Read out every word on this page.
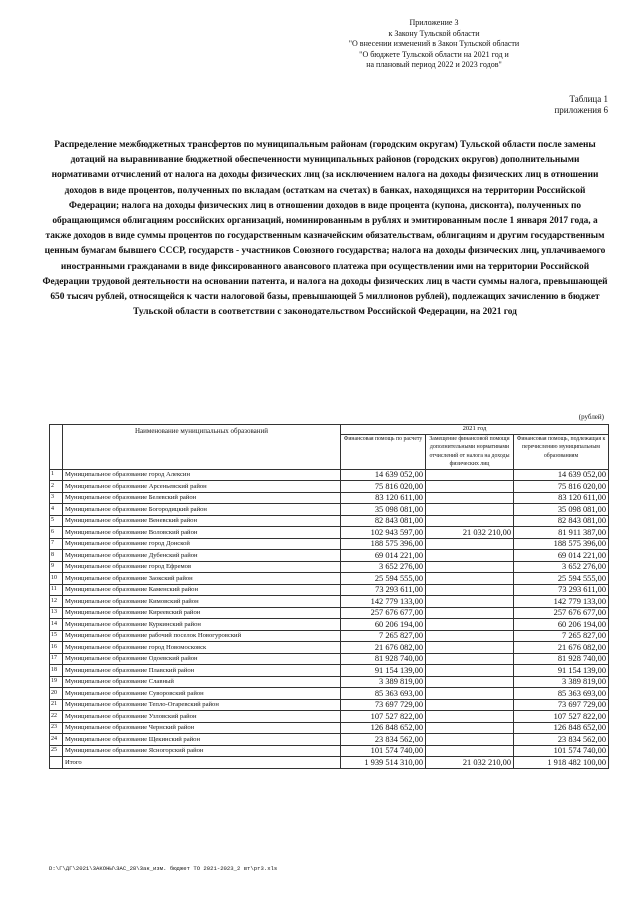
Приложение 3
к Закону Тульской области
"О внесении изменений в Закон Тульской области
"О бюджете Тульской области на 2021 год и
на плановый период 2022 и 2023 годов"
Таблица 1
приложения 6
Распределение межбюджетных трансфертов по муниципальным районам (городским округам) Тульской области после замены дотаций на выравнивание бюджетной обеспеченности муниципальных районов (городских округов) дополнительными нормативами отчислений от налога на доходы физических лиц (за исключением налога на доходы физических лиц в отношении доходов в виде процентов, полученных по вкладам (остаткам на счетах) в банках, находящихся на территории Российской Федерации; налога на доходы физических лиц в отношении доходов в виде процента (купона, дисконта), полученных по обращающимся облигациям российских организаций, номинированным в рублях и эмитированным после 1 января 2017 года, а также доходов в виде суммы процентов по государственным казначейским обязательствам, облигациям и другим государственным ценным бумагам бывшего СССР, государств - участников Союзного государства; налога на доходы физических лиц, уплачиваемого иностранными гражданами в виде фиксированного авансового платежа при осуществлении ими на территории Российской Федерации трудовой деятельности на основании патента, и налога на доходы физических лиц в части суммы налога, превышающей 650 тысяч рублей, относящейся к части налоговой базы, превышающей 5 миллионов рублей), подлежащих зачислению в бюджет Тульской области в соответствии с законодательством Российской Федерации, на 2021 год
(рублей)
	Наименование муниципальных образований	2021 год		
		Финансовая помощь по расчету	Замещение финансовой помощи дополнительными нормативами отчислений от налога на доходы физических лиц	Финансовая помощь, подлежащая к перечислению муниципальным образованиям
1	Муниципальное образование город Алексин	14 639 052,00		14 639 052,00
2	Муниципальное образование Арсеньевский район	75 816 020,00		75 816 020,00
3	Муниципальное образование Белевский район	83 120 611,00		83 120 611,00
4	Муниципальное образование Богородицкий район	35 098 081,00		35 098 081,00
5	Муниципальное образование Веневский район	82 843 081,00		82 843 081,00
6	Муниципальное образование Воловский район	102 943 597,00	21 032 210,00	81 911 387,00
7	Муниципальное образование город Донской	188 575 396,00		188 575 396,00
8	Муниципальное образование Дубенский район	69 014 221,00		69 014 221,00
9	Муниципальное образование город Ефремов	3 652 276,00		3 652 276,00
10	Муниципальное образование Заокский район	25 594 555,00		25 594 555,00
11	Муниципальное образование Каменский район	73 293 611,00		73 293 611,00
12	Муниципальное образование Кимовский район	142 779 133,00		142 779 133,00
13	Муниципальное образование Киреевский район	257 676 677,00		257 676 677,00
14	Муниципальное образование Куркинский район	60 206 194,00		60 206 194,00
15	Муниципальное образование рабочий поселок Новогуровский	7 265 827,00		7 265 827,00
16	Муниципальное образование город Новомосковск	21 676 082,00		21 676 082,00
17	Муниципальное образование Одоевский район	81 928 740,00		81 928 740,00
18	Муниципальное образование Плавский район	91 154 139,00		91 154 139,00
19	Муниципальное образование Славный	3 389 819,00		3 389 819,00
20	Муниципальное образование Суворовский район	85 363 693,00		85 363 693,00
21	Муниципальное образование Тепло-Огаревский район	73 697 729,00		73 697 729,00
22	Муниципальное образование Узловский район	107 527 822,00		107 527 822,00
23	Муниципальное образование Чернский район	126 848 652,00		126 848 652,00
24	Муниципальное образование Щекинский район	23 834 562,00		23 834 562,00
25	Муниципальное образование Ясногорский район	101 574 740,00		101 574 740,00
	Итого	1 939 514 310,00	21 032 210,00	1 918 482 100,00
D:\Г\ДГ\2021\ЗАКОНЫ\ЗАС_28\Зак_изм. бюджет ТО 2021-2023_2 вт\pr3.xls
